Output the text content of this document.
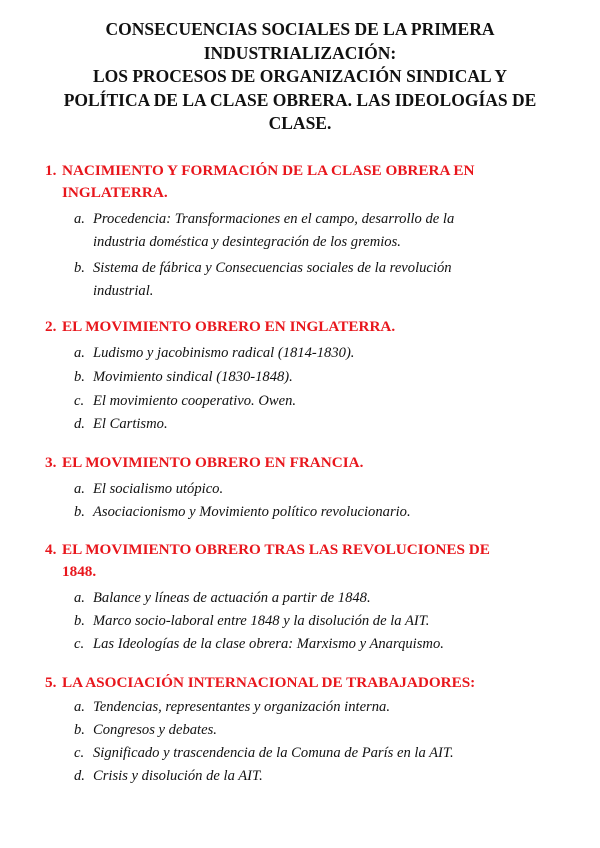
CONSECUENCIAS SOCIALES DE LA PRIMERA
INDUSTRIALIZACIÓN:
LOS PROCESOS DE ORGANIZACIÓN SINDICAL Y
POLÍTICA DE LA CLASE OBRERA. LAS IDEOLOGÍAS DE
CLASE.
1. NACIMIENTO Y FORMACIÓN DE LA CLASE OBRERA EN
INGLATERRA.
a. Procedencia: Transformaciones en el campo, desarrollo de la
industria doméstica y desintegración de los gremios.
b. Sistema de fábrica y Consecuencias sociales de la revolución
industrial.
2. EL MOVIMIENTO OBRERO EN INGLATERRA.
a. Ludismo y jacobinismo radical (1814-1830).
b. Movimiento sindical (1830-1848).
c. El movimiento cooperativo. Owen.
d. El Cartismo.
3. EL MOVIMIENTO OBRERO EN FRANCIA.
a. El socialismo utópico.
b. Asociacionismo y Movimiento político revolucionario.
4. EL MOVIMIENTO OBRERO TRAS LAS REVOLUCIONES DE
1848.
a. Balance y líneas de actuación a partir de 1848.
b. Marco socio-laboral entre 1848 y la disolución de la AIT.
c. Las Ideologías de la clase obrera: Marxismo y Anarquismo.
5. LA ASOCIACIÓN INTERNACIONAL DE TRABAJADORES:
a. Tendencias, representantes y organización interna.
b. Congresos y debates.
c. Significado y trascendencia de la Comuna de París en la AIT.
d. Crisis y disolución de la AIT.
